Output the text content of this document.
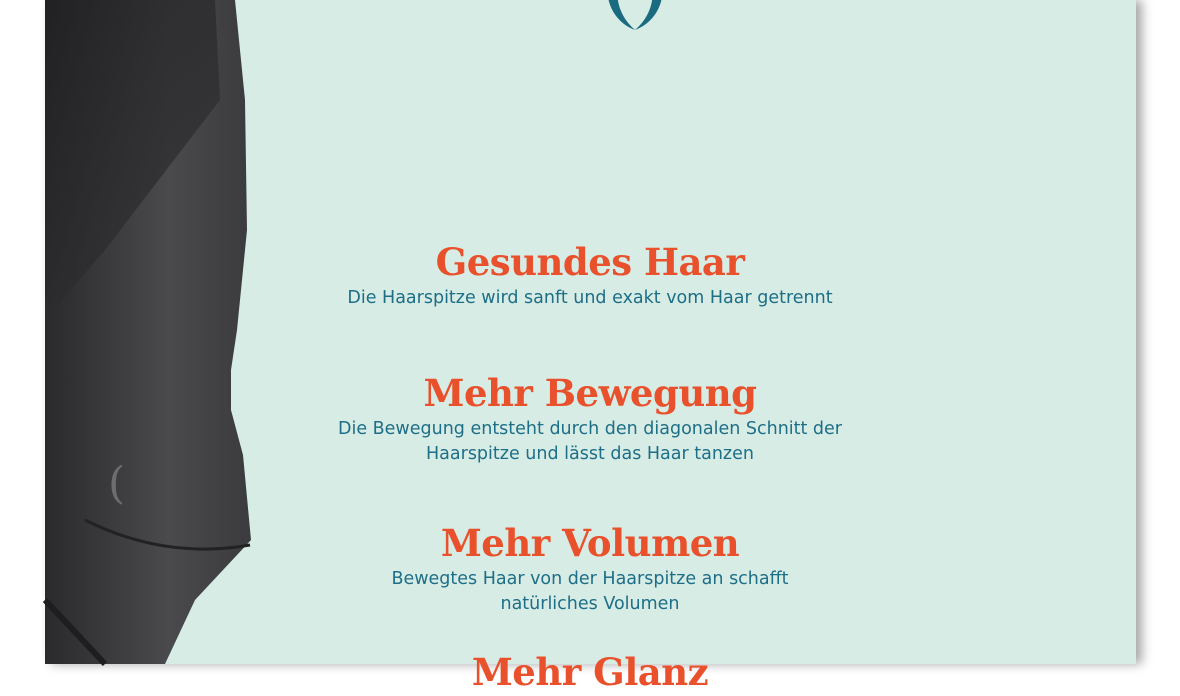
(

Gesundes Haar

Die Haarspitze wird sanft und exakt vom Haar getrennt

Mehr Bewegung

Die Bewegung entsteht durch den diagonalen Schnitt der

Haarspitze und lässt das Haar tanzen

Mehr Volumen

Bewegtes Haar von der Haarspitze an schafft

natürliches Volumen

Mehr Glanz
